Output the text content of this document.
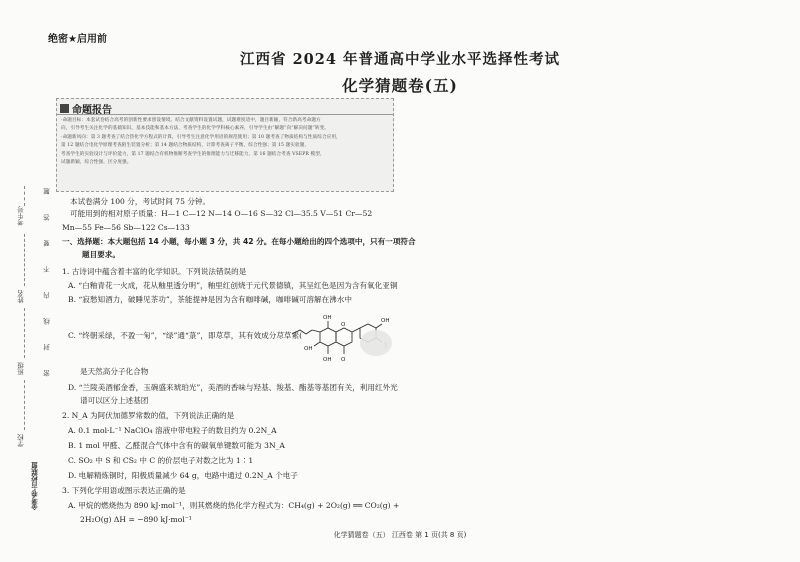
绝密★启用前
江西省 2024 年普通高中学业水平选择性考试
化学猜题卷(五)
命题报告
·命题目标：本套试卷结合高考的创新性要求创设情境，结合文献资料设置试题，试题难度适中，题目新颖，符合新高考命题方
向，引导考生关注化学的基础知识、基本技能和基本方法，考查学生的化学学科核心素养，引导学生由“解题”向“解决问题”转变。
·命题新风向：第 3 题考查了结合热化学方程式的计算，引导考生注意化学用语的规范使用；第 10 题考查了物质结构与性质综合应用，
第 12 题结合电化学原理考查陌生装置分析；第 14 题结合物质结构，计算考查离子平衡，综合性强；第 15 题实验题，
考查学生的实验设计与评价能力，第 17 题结合有机物推断考查学生的推理能力与迁移能力，第 16 题结合考查 VSEPR 模型，
试题新颖，综合性强，区分度强。
考生号
姓名
班级
学校
金考卷·百校联盟
题
答
要
不
内
线
封
密
本试卷满分 100 分，考试时间 75 分钟。
可能用到的相对原子质量：H—1 C—12 N—14 O—16 S—32 Cl—35.5 V—51 Cr—52
Mn—55 Fe—56 Sb—122 Cs—133
一、选择题：本大题包括 14 小题，每小题 3 分，共 42 分。在每小题给出的四个选项中，只有一项符合
题目要求。
1. 古诗词中蕴含着丰富的化学知识。下列说法错误的是
A. “白釉青花一火成，花从釉里透分明”，釉里红创烧于元代景德镇，其呈红色是因为含有氧化亚铜
B. “寂愁知酒力，破睡见茶功”，茶能提神是因为含有咖啡碱，咖啡碱可溶解在沸水中
C. “终朝采绿，不盈一匊”，“绿”通“菉”，即荩草，其有效成分荩草素(
是天然高分子化合物
D. “兰陵美酒郁金香，玉碗盛来琥珀光”，美酒的香味与羟基、羧基、酯基等基团有关，利用红外光
谱可以区分上述基团
2. N_A 为阿伏加德罗常数的值，下列说法正确的是
A. 0.1 mol·L⁻¹ NaClO₄ 溶液中带电粒子的数目约为 0.2N_A
B. 1 mol 甲醛、乙醛混合气体中含有的碳氧单键数可能为 3N_A
C. SO₂ 中 S 和 CS₂ 中 C 的价层电子对数之比为 1∶1
D. 电解精炼铜时，阳极质量减少 64 g，电路中通过 0.2N_A 个电子
3. 下列化学用语或图示表达正确的是
A. 甲烷的燃烧热为 890 kJ·mol⁻¹，则其燃烧的热化学方程式为：CH₄(g) + 2O₂(g) ══ CO₂(g) +
2H₂O(g) ΔH = −890 kJ·mol⁻¹
OH
OH
OH O
OH
O
化学猜题卷（五） 江西卷 第 1 页(共 8 页)
